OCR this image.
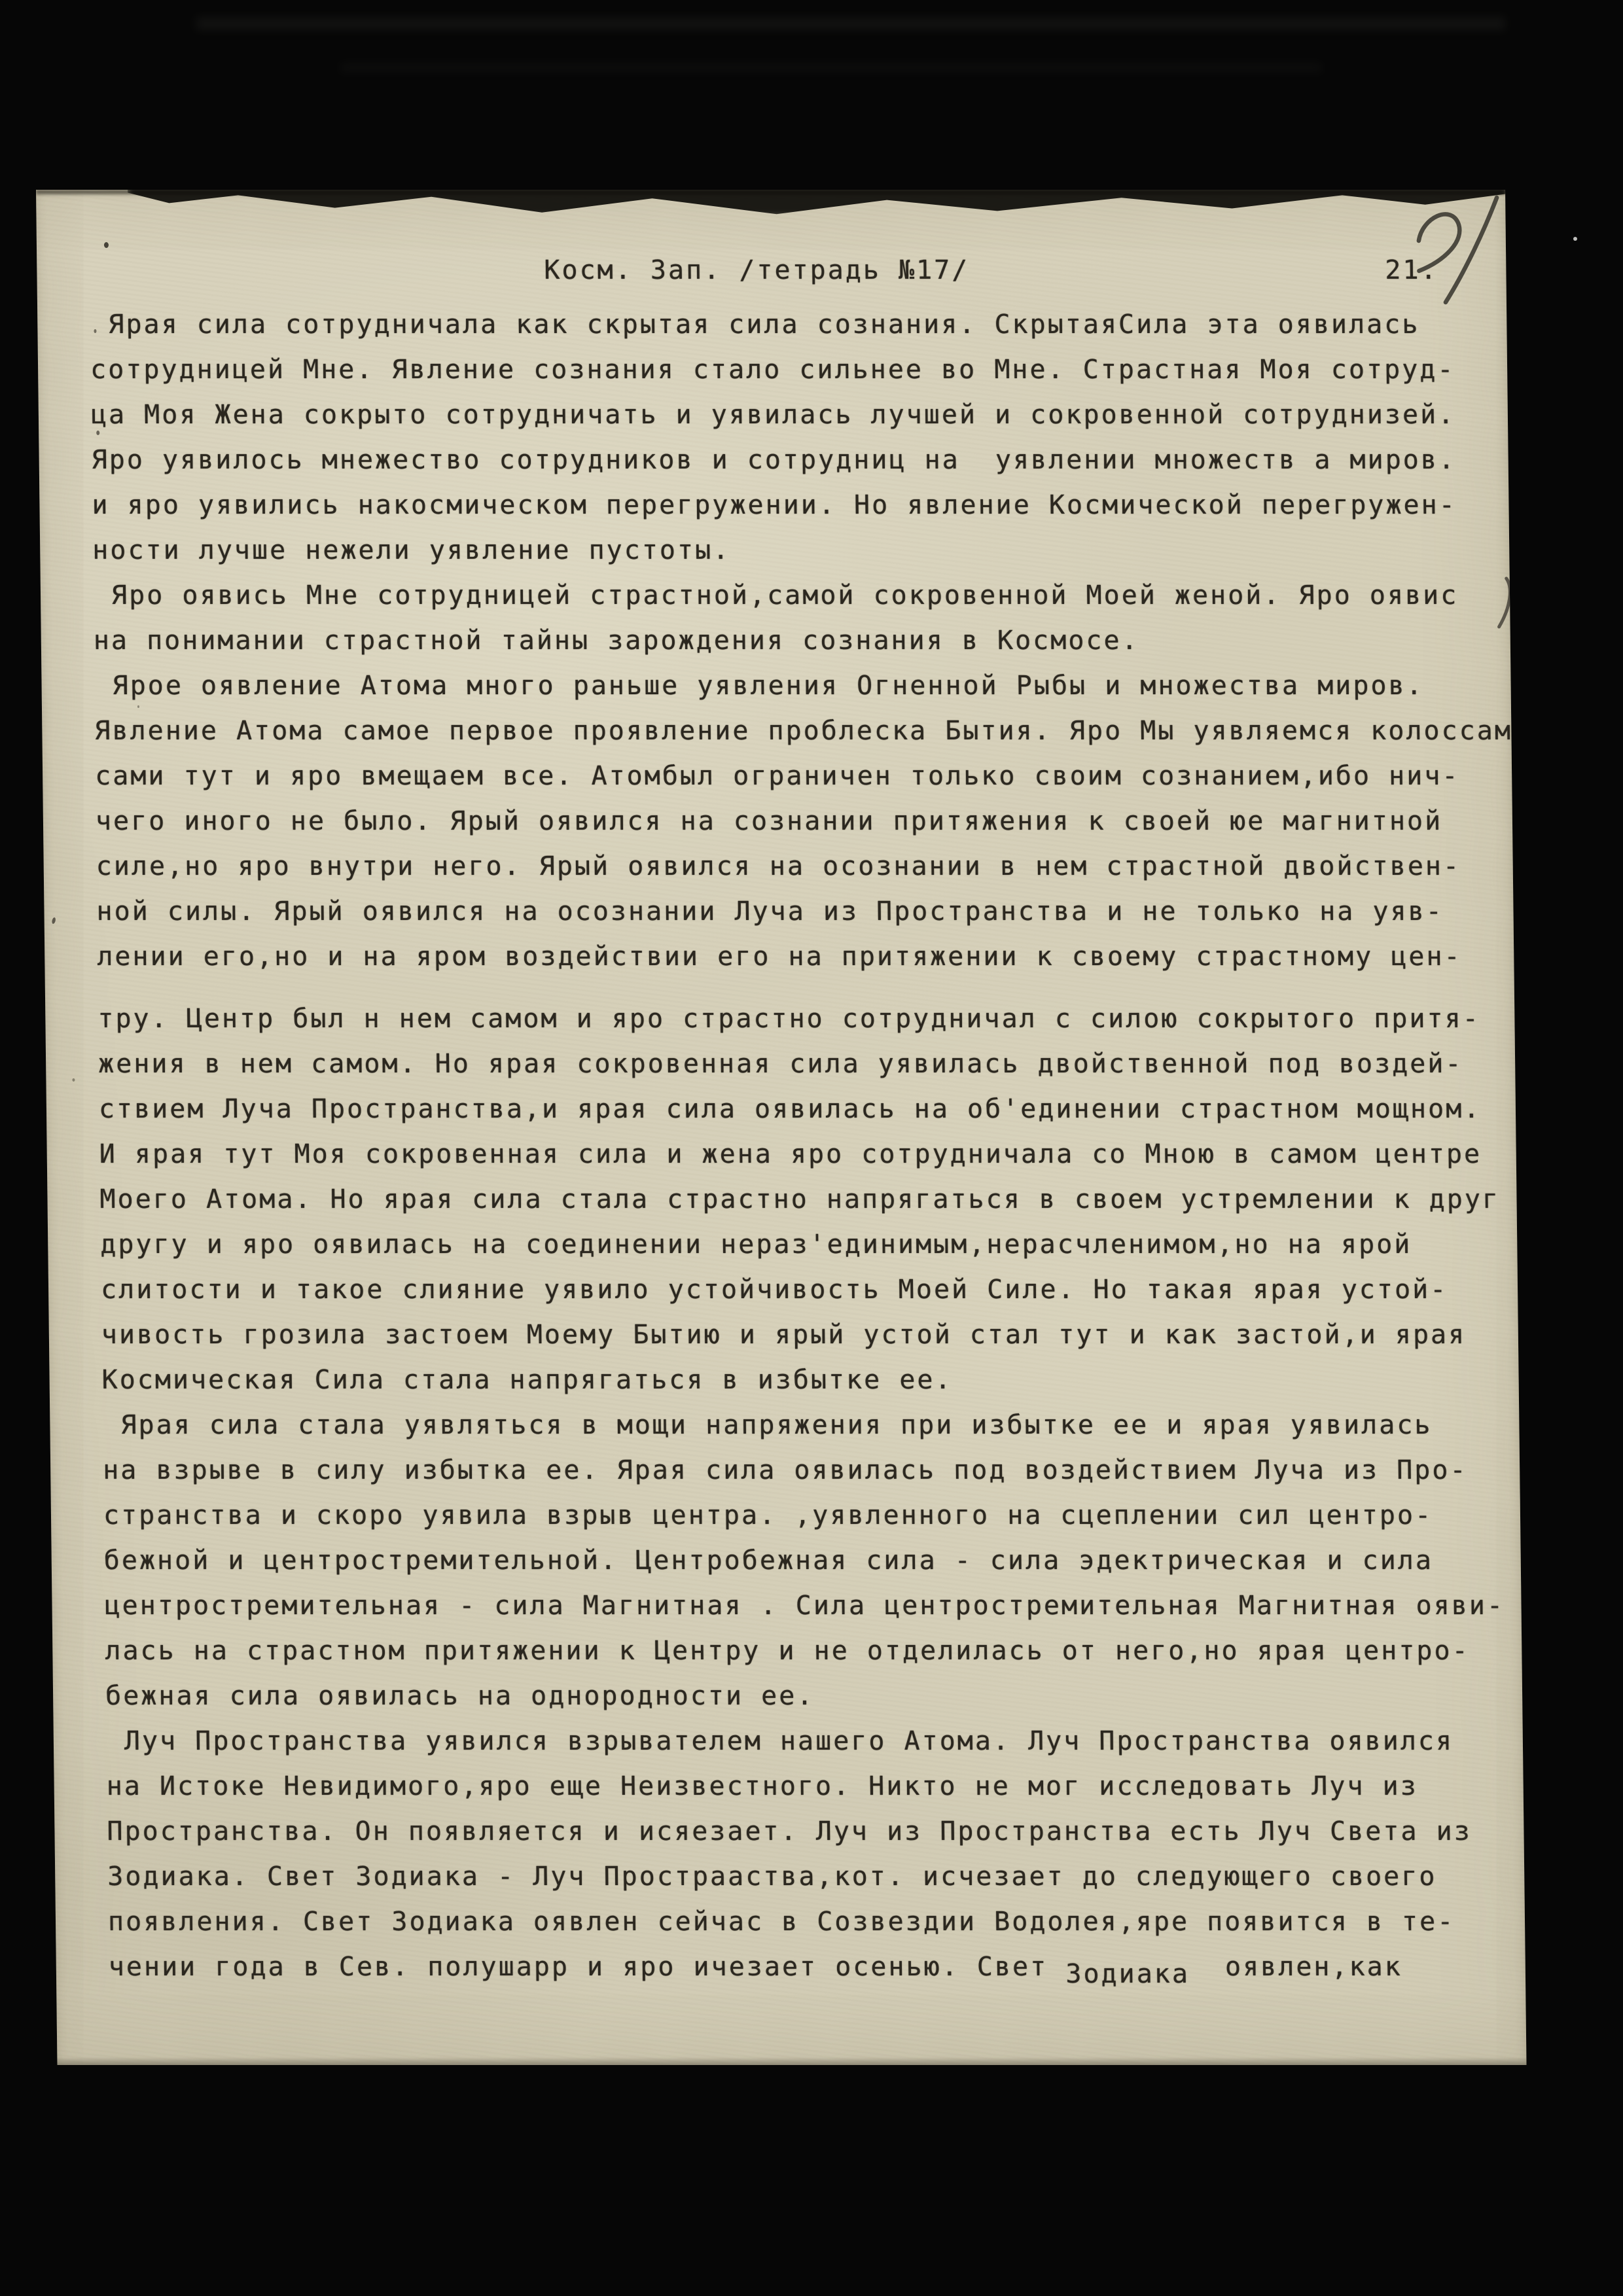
Косм. Зап. /тетрадь №17/	21.
Ярая сила сотрудничала как скрытая сила сознания. СкрытаяСила эта оявилась
сотрудницей Мне. Явление сознания стало сильнее во Мне. Страстная Моя сотруд-
ца Моя Жена сокрыто сотрудничать и уявилась лучшей и сокровенной сотруднизей.
Яро уявилось мнежество сотрудников и сотрудниц на  уявлении множеств а миров.
и яро уявились накосмическом перегружении. Но явление Космической перегружен-
ности лучше нежели уявление пустоты.
Яро оявись Мне сотрудницей страстной,самой сокровенной Моей женой. Яро оявис
на понимании страстной тайны зарождения сознания в Космосе.
Ярое оявление Атома много раньше уявления Огненной Рыбы и множества миров.
Явление Атома самое первое проявление проблеска Бытия. Яро Мы уявляемся колоссам
сами тут и яро вмещаем все. Атомбыл ограничен только своим сознанием,ибо нич-
чего иного не было. Ярый оявился на сознании притяжения к своей юе магнитной
силе,но яро внутри него. Ярый оявился на осознании в нем страстной двойствен-
ной силы. Ярый оявился на осознании Луча из Пространства и не только на уяв-
лении его,но и на яром воздействии его на притяжении к своему страстному цен-
тру. Центр был н нем самом и яро страстно сотрудничал с силою сокрытого притя-
жения в нем самом. Но ярая сокровенная сила уявилась двойственной под воздей-
ствием Луча Пространства,и ярая сила оявилась на об'единении страстном мощном.
И ярая тут Моя сокровенная сила и жена яро сотрудничала со Мною в самом центре
Моего Атома. Но ярая сила стала страстно напрягаться в своем устремлении к друг
другу и яро оявилась на соединении нераз'единимым,нерасчленимом,но на ярой
слитости и такое слияние уявило устойчивость Моей Силе. Но такая ярая устой-
чивость грозила застоем Моему Бытию и ярый устой стал тут и как застой,и ярая
Космическая Сила стала напрягаться в избытке ее.
Ярая сила стала уявляться в мощи напряжения при избытке ее и ярая уявилась
на взрыве в силу избытка ее. Ярая сила оявилась под воздействием Луча из Про-
странства и скоро уявила взрыв центра. ,уявленного на сцеплении сил центро-
бежной и центростремительной. Центробежная сила - сила эдектрическая и сила
центростремительная - сила Магнитная . Сила центростремительная Магнитная ояви-
лась на страстном притяжении к Центру и не отделилась от него,но ярая центро-
бежная сила оявилась на однородности ее.
Луч Пространства уявился взрывателем нашего Атома. Луч Пространства оявился
на Истоке Невидимого,яро еще Неизвестного. Никто не мог исследовать Луч из
Пространства. Он появляется и исяезает. Луч из Пространства есть Луч Света из
Зодиака. Свет Зодиака - Луч Прострааства,кот. исчезает до следующего своего
появления. Свет Зодиака оявлен сейчас в Созвездии Водолея,яре появится в те-
чении года в Сев. полушарр и яро ичезает осенью. Свет Зодиака  оявлен,как
